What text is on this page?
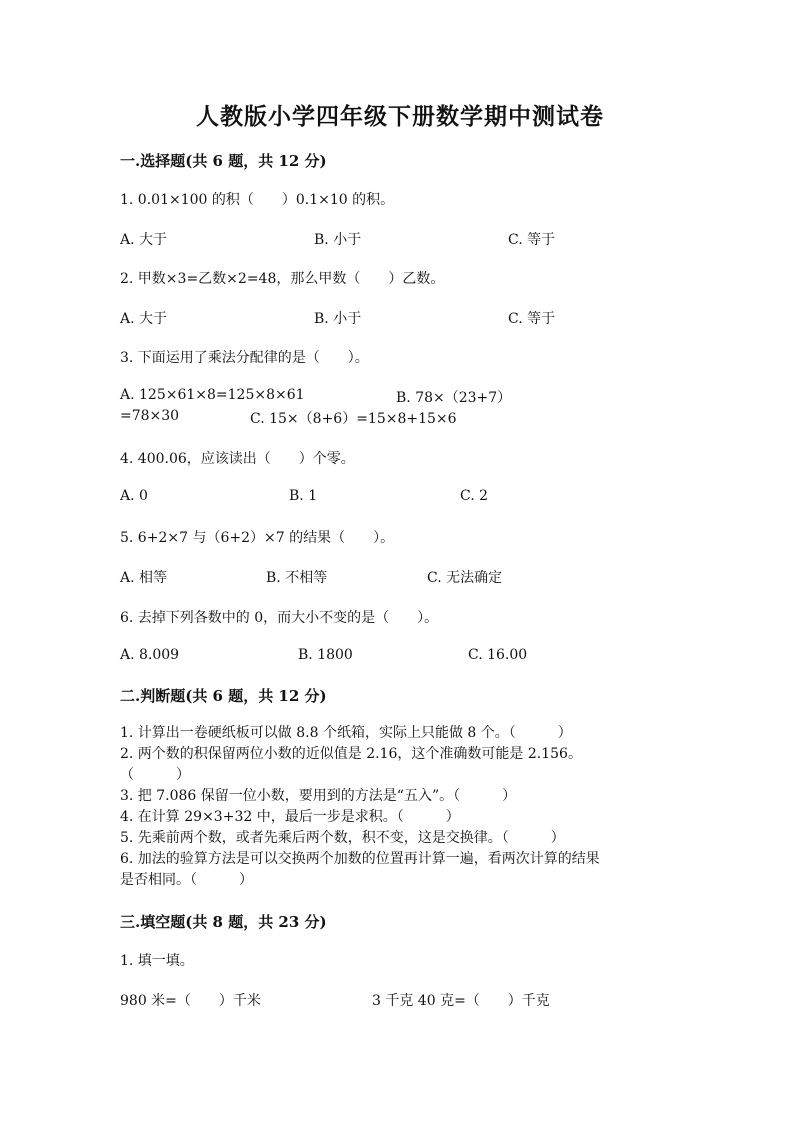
人教版小学四年级下册数学期中测试卷
一.选择题(共 6 题，共 12 分)
1. 0.01×100 的积（　　）0.1×10 的积。
A. 大于	B. 小于	C. 等于
2. 甲数×3=乙数×2=48，那么甲数（　　）乙数。
A. 大于	B. 小于	C. 等于
3. 下面运用了乘法分配律的是（　　）。
A. 125×61×8=125×8×61	B. 78×（23+7）
=78×30	C. 15×（8+6）=15×8+15×6
4. 400.06，应该读出（　　）个零。
A. 0	B. 1	C. 2
5. 6+2×7 与（6+2）×7 的结果（　　）。
A. 相等	B. 不相等	C. 无法确定
6. 去掉下列各数中的 0，而大小不变的是（　　）。
A. 8.009	B. 1800	C. 16.00
二.判断题(共 6 题，共 12 分)
1. 计算出一卷硬纸板可以做 8.8 个纸箱，实际上只能做 8 个。（　　　）
2. 两个数的积保留两位小数的近似值是 2.16，这个准确数可能是 2.156。
（　　　）
3. 把 7.086 保留一位小数，要用到的方法是“五入”。（　　　）
4. 在计算 29×3+32 中，最后一步是求积。（　　　）
5. 先乘前两个数，或者先乘后两个数，积不变，这是交换律。（　　　）
6. 加法的验算方法是可以交换两个加数的位置再计算一遍，看两次计算的结果
是否相同。（　　　）
三.填空题(共 8 题，共 23 分)
1. 填一填。
980 米=（　　）千米	3 千克 40 克=（　　）千克
